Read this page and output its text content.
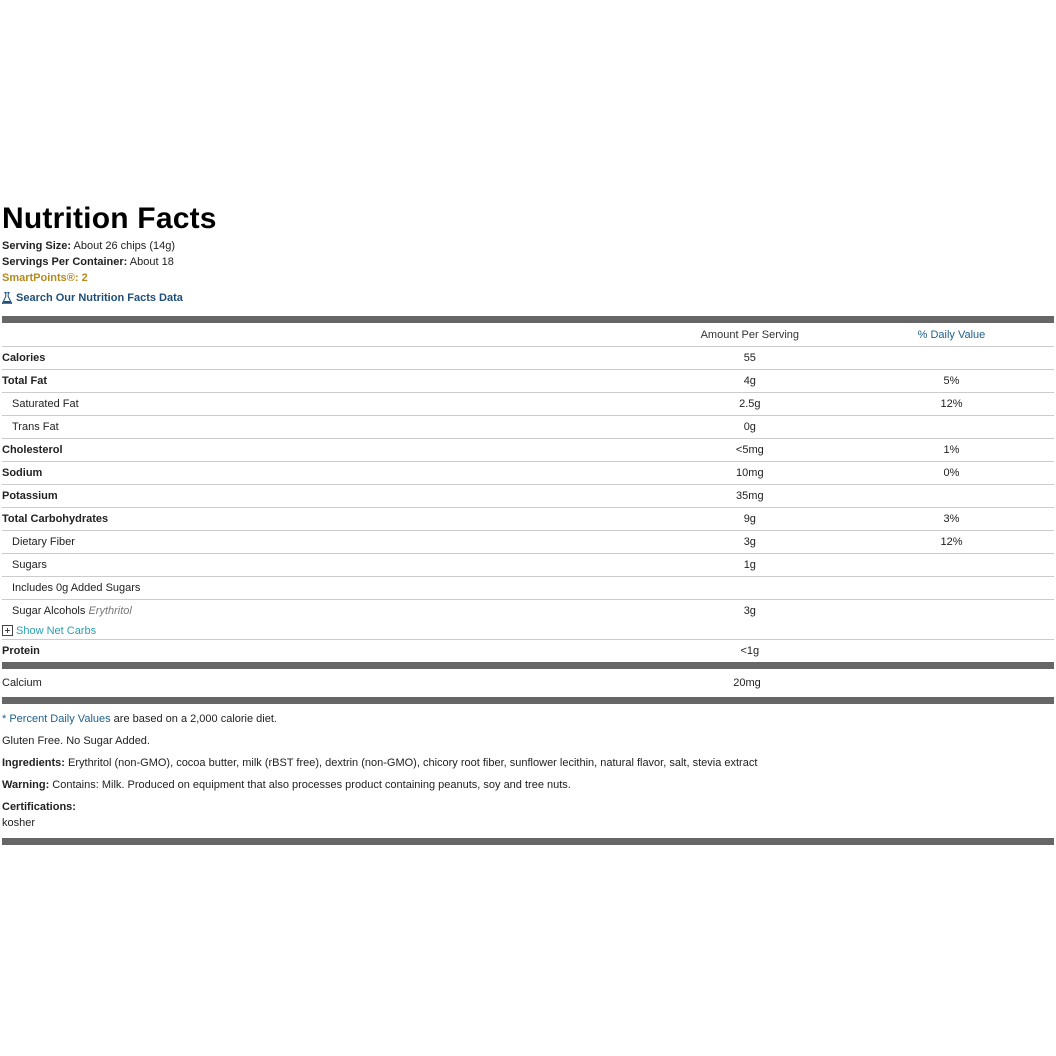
Nutrition Facts
Serving Size: About 26 chips (14g)
Servings Per Container: About 18
SmartPoints®: 2
Search Our Nutrition Facts Data
	Amount Per Serving	% Daily Value
Calories	55	
Total Fat	4g	5%
Saturated Fat	2.5g	12%
Trans Fat	0g	
Cholesterol	<5mg	1%
Sodium	10mg	0%
Potassium	35mg	
Total Carbohydrates	9g	3%
Dietary Fiber	3g	12%
Sugars	1g	
Includes 0g Added Sugars		
Sugar Alcohols Erythritol	3g	

Show Net Carbs		

Protein	<1g	
Calcium	20mg	

* Percent Daily Values are based on a 2,000 calorie diet.

Gluten Free. No Sugar Added.

Ingredients: Erythritol (non-GMO), cocoa butter, milk (rBST free), dextrin (non-GMO), chicory root fiber, sunflower lecithin, natural flavor, salt, stevia extract

Warning: Contains: Milk. Produced on equipment that also processes product containing peanuts, soy and tree nuts.

Certifications:

kosher
